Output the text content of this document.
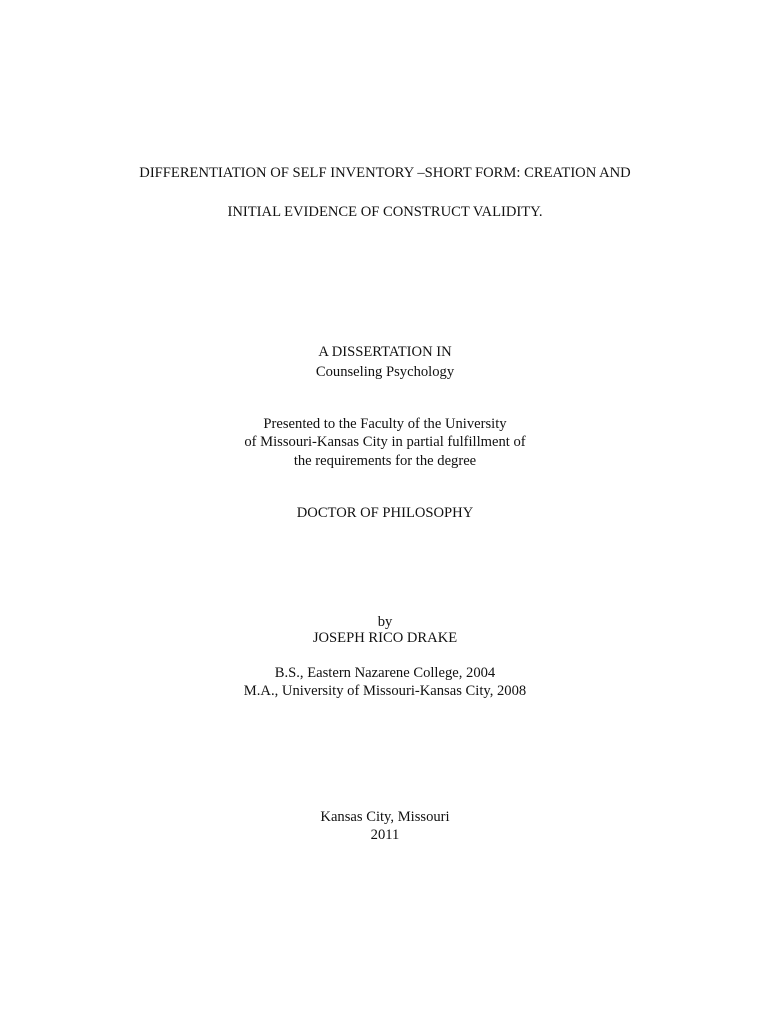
DIFFERENTIATION OF SELF INVENTORY –SHORT FORM: CREATION AND
INITIAL EVIDENCE OF CONSTRUCT VALIDITY.
A DISSERTATION IN
Counseling Psychology
Presented to the Faculty of the University
of Missouri-Kansas City in partial fulfillment of
the requirements for the degree
DOCTOR OF PHILOSOPHY
by
JOSEPH RICO DRAKE
B.S., Eastern Nazarene College, 2004
M.A., University of Missouri-Kansas City, 2008
Kansas City, Missouri
2011
